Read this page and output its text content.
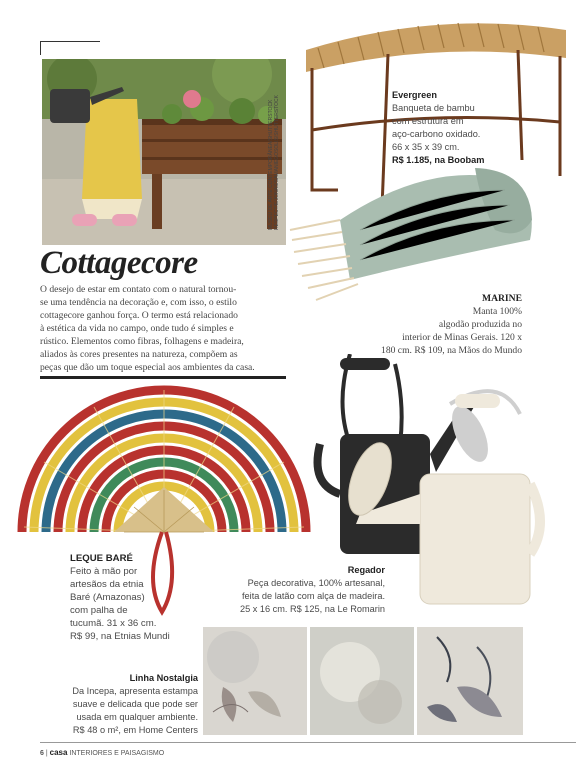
MUSEU DE ARTE CONTEMPORÂNEA/SHUTTERSTOCK RESPECT/E/JONAS/SAMANIEGOSOLIS/SHUTTERSTOCK
Evergreen
Banqueta de bambu
com estrutura em
aço-carbono oxidado.
66 x 35 x 39 cm.
R$ 1.185, na Boobam
Cottagecore
O desejo de estar em contato com o natural tornou-
se uma tendência na decoração e, com isso, o estilo
cottagecore ganhou força. O termo está relacionado
à estética da vida no campo, onde tudo é simples e
rústico. Elementos como fibras, folhagens e madeira,
aliados às cores presentes na natureza, compõem as
peças que dão um toque especial aos ambientes da casa.
MARINE
Manta 100%
algodão produzida no
interior de Minas Gerais. 120 x
180 cm. R$ 109, na Mãos do Mundo
LEQUE BARÉ
Feito à mão por
artesãos da etnia
Baré (Amazonas)
com palha de
tucumã. 31 x 36 cm.
R$ 99, na Etnias Mundi
Regador
Peça decorativa, 100% artesanal,
feita de latão com alça de madeira.
25 x 16 cm. R$ 125, na Le Romarin
Linha Nostalgia
Da Incepa, apresenta estampa
suave e delicada que pode ser
usada em qualquer ambiente.
R$ 48 o m², em Home Centers
6 | casa INTERIORES E PAISAGISMO
